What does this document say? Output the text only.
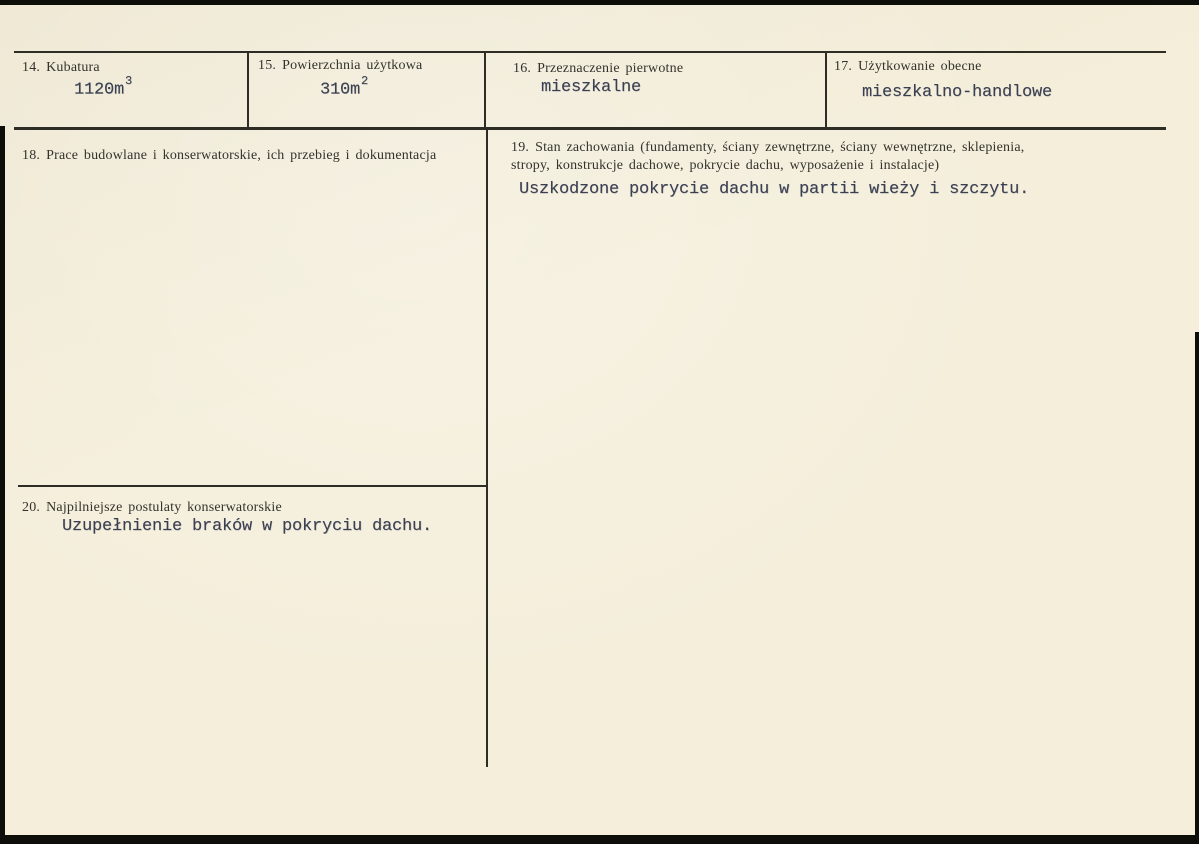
14. Kubatura
$1120m^3$
15. Powierzchnia użytkowa
$310m^2$
16. Przeznaczenie pierwotne
mieszkalne
17. Użytkowanie obecne
mieszkalno-handlowe
18. Prace budowlane i konserwatorskie, ich przebieg i dokumentacja
19. Stan zachowania (fundamenty, ściany zewnętrzne, ściany wewnętrzne, sklepienia, stropy, konstrukcje dachowe, pokrycie dachu, wyposażenie i instalacje)
Uszkodzone pokrycie dachu w partii wieży i szczytu.
20. Najpilniejsze postulaty konserwatorskie
Uzupełnienie braków w pokryciu dachu.
